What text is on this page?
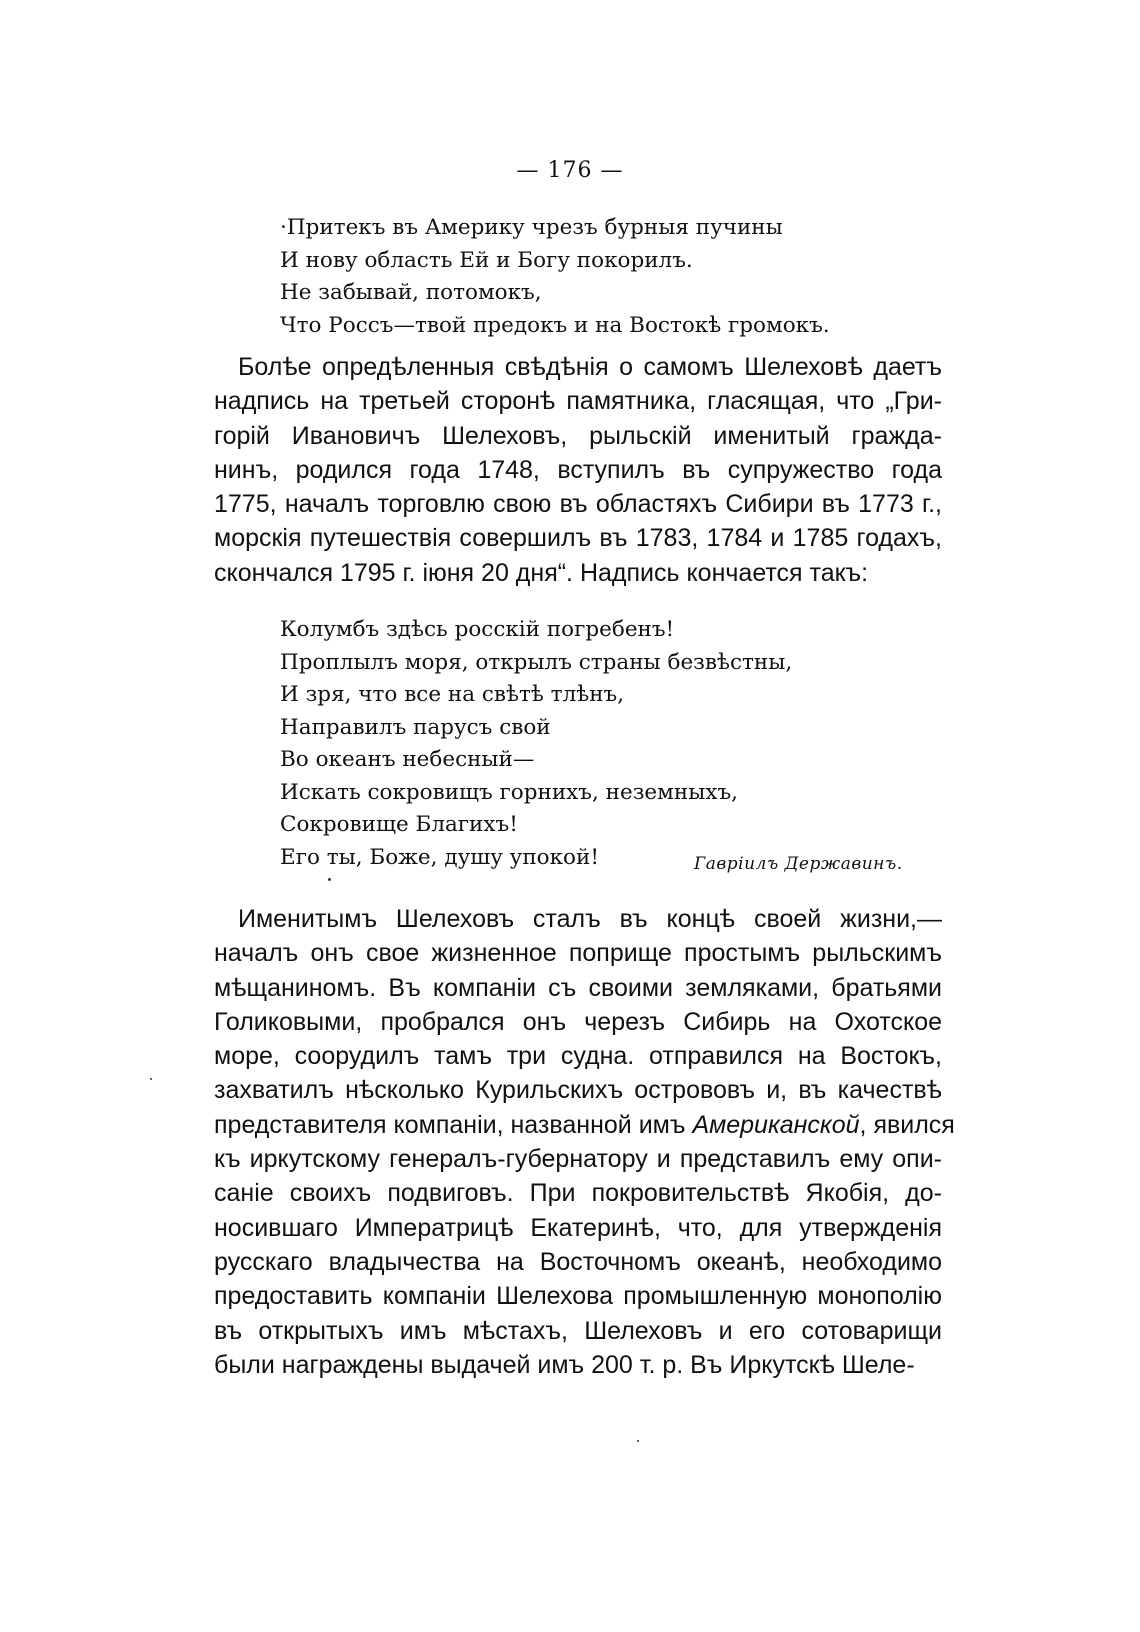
— 176 —
·Притекъ въ Америку чрезъ бурныя пучины
И нову область Ей и Богу покорилъ.
Не забывай, потомокъ,
Что Россъ—твой предокъ и на Востокѣ громокъ.
Болѣе опредѣленныя свѣдѣнія о самомъ Шелеховѣ даетъ
надпись на третьей сторонѣ памятника, гласящая, что „Гри-
горій Ивановичъ Шелеховъ, рыльскій именитый гражда-
нинъ, родился года 1748, вступилъ въ супружество года
1775, началъ торговлю свою въ областяхъ Сибири въ 1773 г.,
морскія путешествія совершилъ въ 1783, 1784 и 1785 годахъ,
скончался 1795 г. іюня 20 дня“. Надпись кончается такъ:
Колумбъ здѣсь росскій погребенъ!
Проплылъ моря, открылъ страны безвѣстны,
И зря, что все на свѣтѣ тлѣнъ,
Направилъ парусъ свой
Во океанъ небесный—
Искать сокровищъ горнихъ, неземныхъ,
Сокровище Благихъ!
Его ты, Боже, душу упокой!	Гавріилъ Державинъ.
Именитымъ Шелеховъ сталъ въ концѣ своей жизни,—
началъ онъ свое жизненное поприще простымъ рыльскимъ
мѣщаниномъ. Въ компаніи съ своими земляками, братьями
Голиковыми, пробрался онъ черезъ Сибирь на Охотское
море, соорудилъ тамъ три судна. отправился на Востокъ,
захватилъ нѣсколько Курильскихъ острововъ и, въ качествѣ
представителя компаніи, названной имъ Американской, явился
къ иркутскому генералъ-губернатору и представилъ ему опи-
саніе своихъ подвиговъ. При покровительствѣ Якобія, до-
носившаго Императрицѣ Екатеринѣ, что, для утвержденія
русскаго владычества на Восточномъ океанѣ, необходимо
предоставить компаніи Шелехова промышленную монополію
въ открытыхъ имъ мѣстахъ, Шелеховъ и его сотоварищи
были награждены выдачей имъ 200 т. р. Въ Иркутскѣ Шеле-
